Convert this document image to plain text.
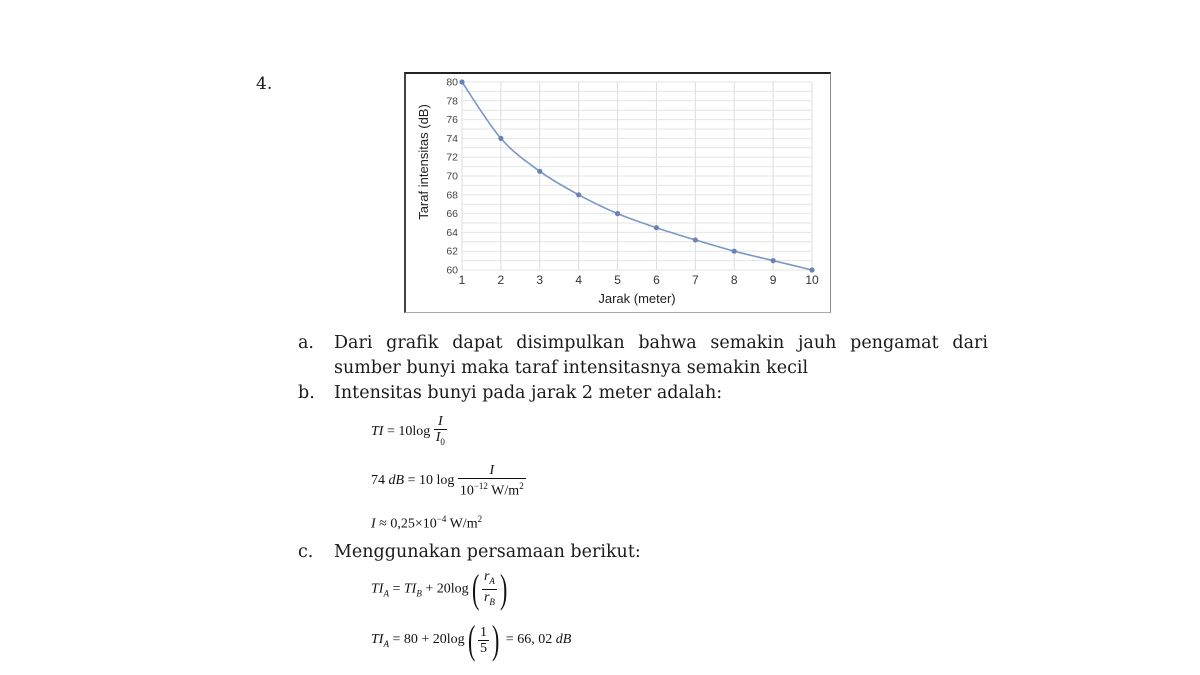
4.
60
62
64
66
68
70
72
74
76
78
80
1	2	3	4	5	6	7	8	9 10
Jarak (meter)
Taraf intensitas (dB)
a. Dari grafik dapat disimpulkan bahwa semakin jauh pengamat dari
sumber bunyi maka taraf intensitasnya semakin kecil
b. Intensitas bunyi pada jarak 2 meter adalah:
TI = $10\log \frac{I}{I_0}$
74 dB = 10 $\log \frac{I}{10^{-12} W/m^2}$
$I \approx 0,25\times 10^{-4}$ $W/m^2$
c. Menggunakan persamaan berikut:
$TI_A = TI_B + 20\log( \frac{r_A}{r_B}$ )
$TI_A = 80 + 20\log( \frac{1}{5}$ ) = 66, 02 dB
